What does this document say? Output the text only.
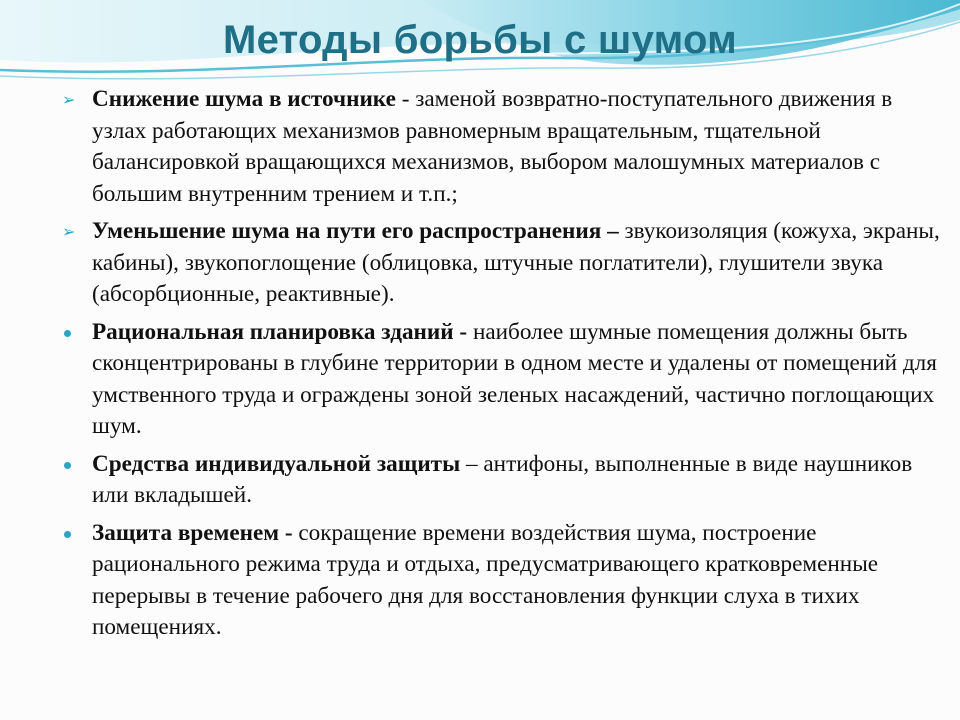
Методы борьбы с шумом
➢ Снижение шума в источнике - заменой возвратно-поступательного движения в узлах работающих механизмов равномерным вращательным, тщательной балансировкой вращающихся механизмов, выбором малошумных материалов с большим внутренним трением и т.п.;
➢ Уменьшение шума на пути его распространения – звукоизоляция (кожуха, экраны, кабины), звукопоглощение (облицовка, штучные поглатители), глушители звука (абсорбционные, реактивные).
Рациональная планировка зданий - наиболее шумные помещения должны быть сконцентрированы в глубине территории в одном месте и удалены от помещений для умственного труда и ограждены зоной зеленых насаждений, частично поглощающих шум.
Средства индивидуальной защиты – антифоны, выполненные в виде наушников или вкладышей.
Защита временем - сокращение времени воздействия шума, построение рационального режима труда и отдыха, предусматривающего кратковременные перерывы в течение рабочего дня для восстановления функции слуха в тихих помещениях.
